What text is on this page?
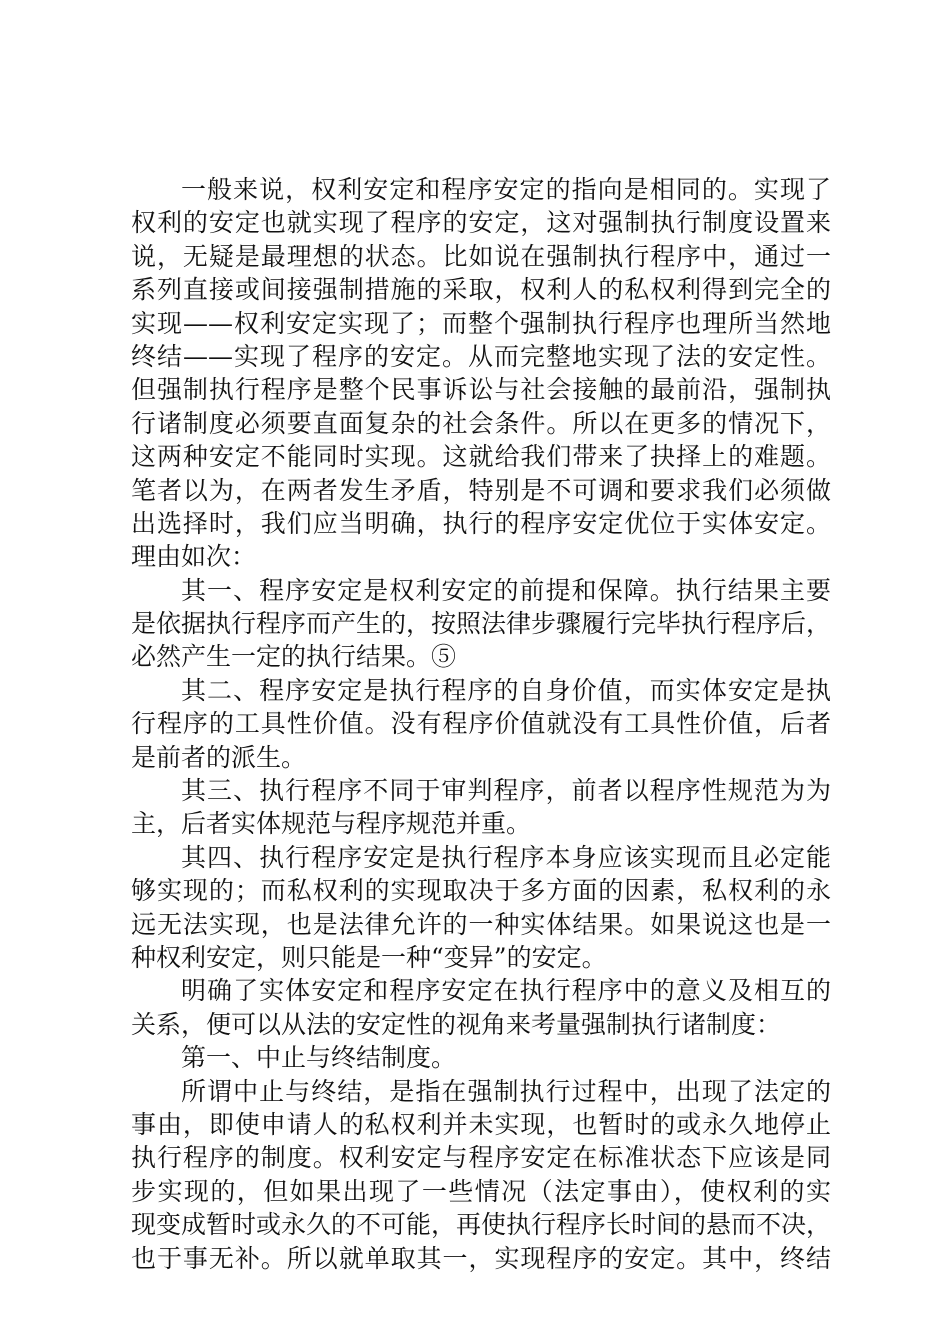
一般来说，权利安定和程序安定的指向是相同的。实现了
权利的安定也就实现了程序的安定，这对强制执行制度设置来
说，无疑是最理想的状态。比如说在强制执行程序中，通过一
系列直接或间接强制措施的采取，权利人的私权利得到完全的
实现——权利安定实现了；而整个强制执行程序也理所当然地
终结——实现了程序的安定。从而完整地实现了法的安定性。
但强制执行程序是整个民事诉讼与社会接触的最前沿，强制执
行诸制度必须要直面复杂的社会条件。所以在更多的情况下，
这两种安定不能同时实现。这就给我们带来了抉择上的难题。
笔者以为，在两者发生矛盾，特别是不可调和要求我们必须做
出选择时，我们应当明确，执行的程序安定优位于实体安定。
理由如次：
其一、程序安定是权利安定的前提和保障。执行结果主要
是依据执行程序而产生的，按照法律步骤履行完毕执行程序后，
必然产生一定的执行结果。⑤
其二、程序安定是执行程序的自身价值，而实体安定是执
行程序的工具性价值。没有程序价值就没有工具性价值，后者
是前者的派生。
其三、执行程序不同于审判程序，前者以程序性规范为为
主，后者实体规范与程序规范并重。
其四、执行程序安定是执行程序本身应该实现而且必定能
够实现的；而私权利的实现取决于多方面的因素，私权利的永
远无法实现，也是法律允许的一种实体结果。如果说这也是一
种权利安定，则只能是一种“变异”的安定。
明确了实体安定和程序安定在执行程序中的意义及相互的
关系，便可以从法的安定性的视角来考量强制执行诸制度：
第一、中止与终结制度。
所谓中止与终结，是指在强制执行过程中，出现了法定的
事由，即使申请人的私权利并未实现，也暂时的或永久地停止
执行程序的制度。权利安定与程序安定在标准状态下应该是同
步实现的，但如果出现了一些情况（法定事由），使权利的实
现变成暂时或永久的不可能，再使执行程序长时间的悬而不决，
也于事无补。所以就单取其一，实现程序的安定。其中，终结
